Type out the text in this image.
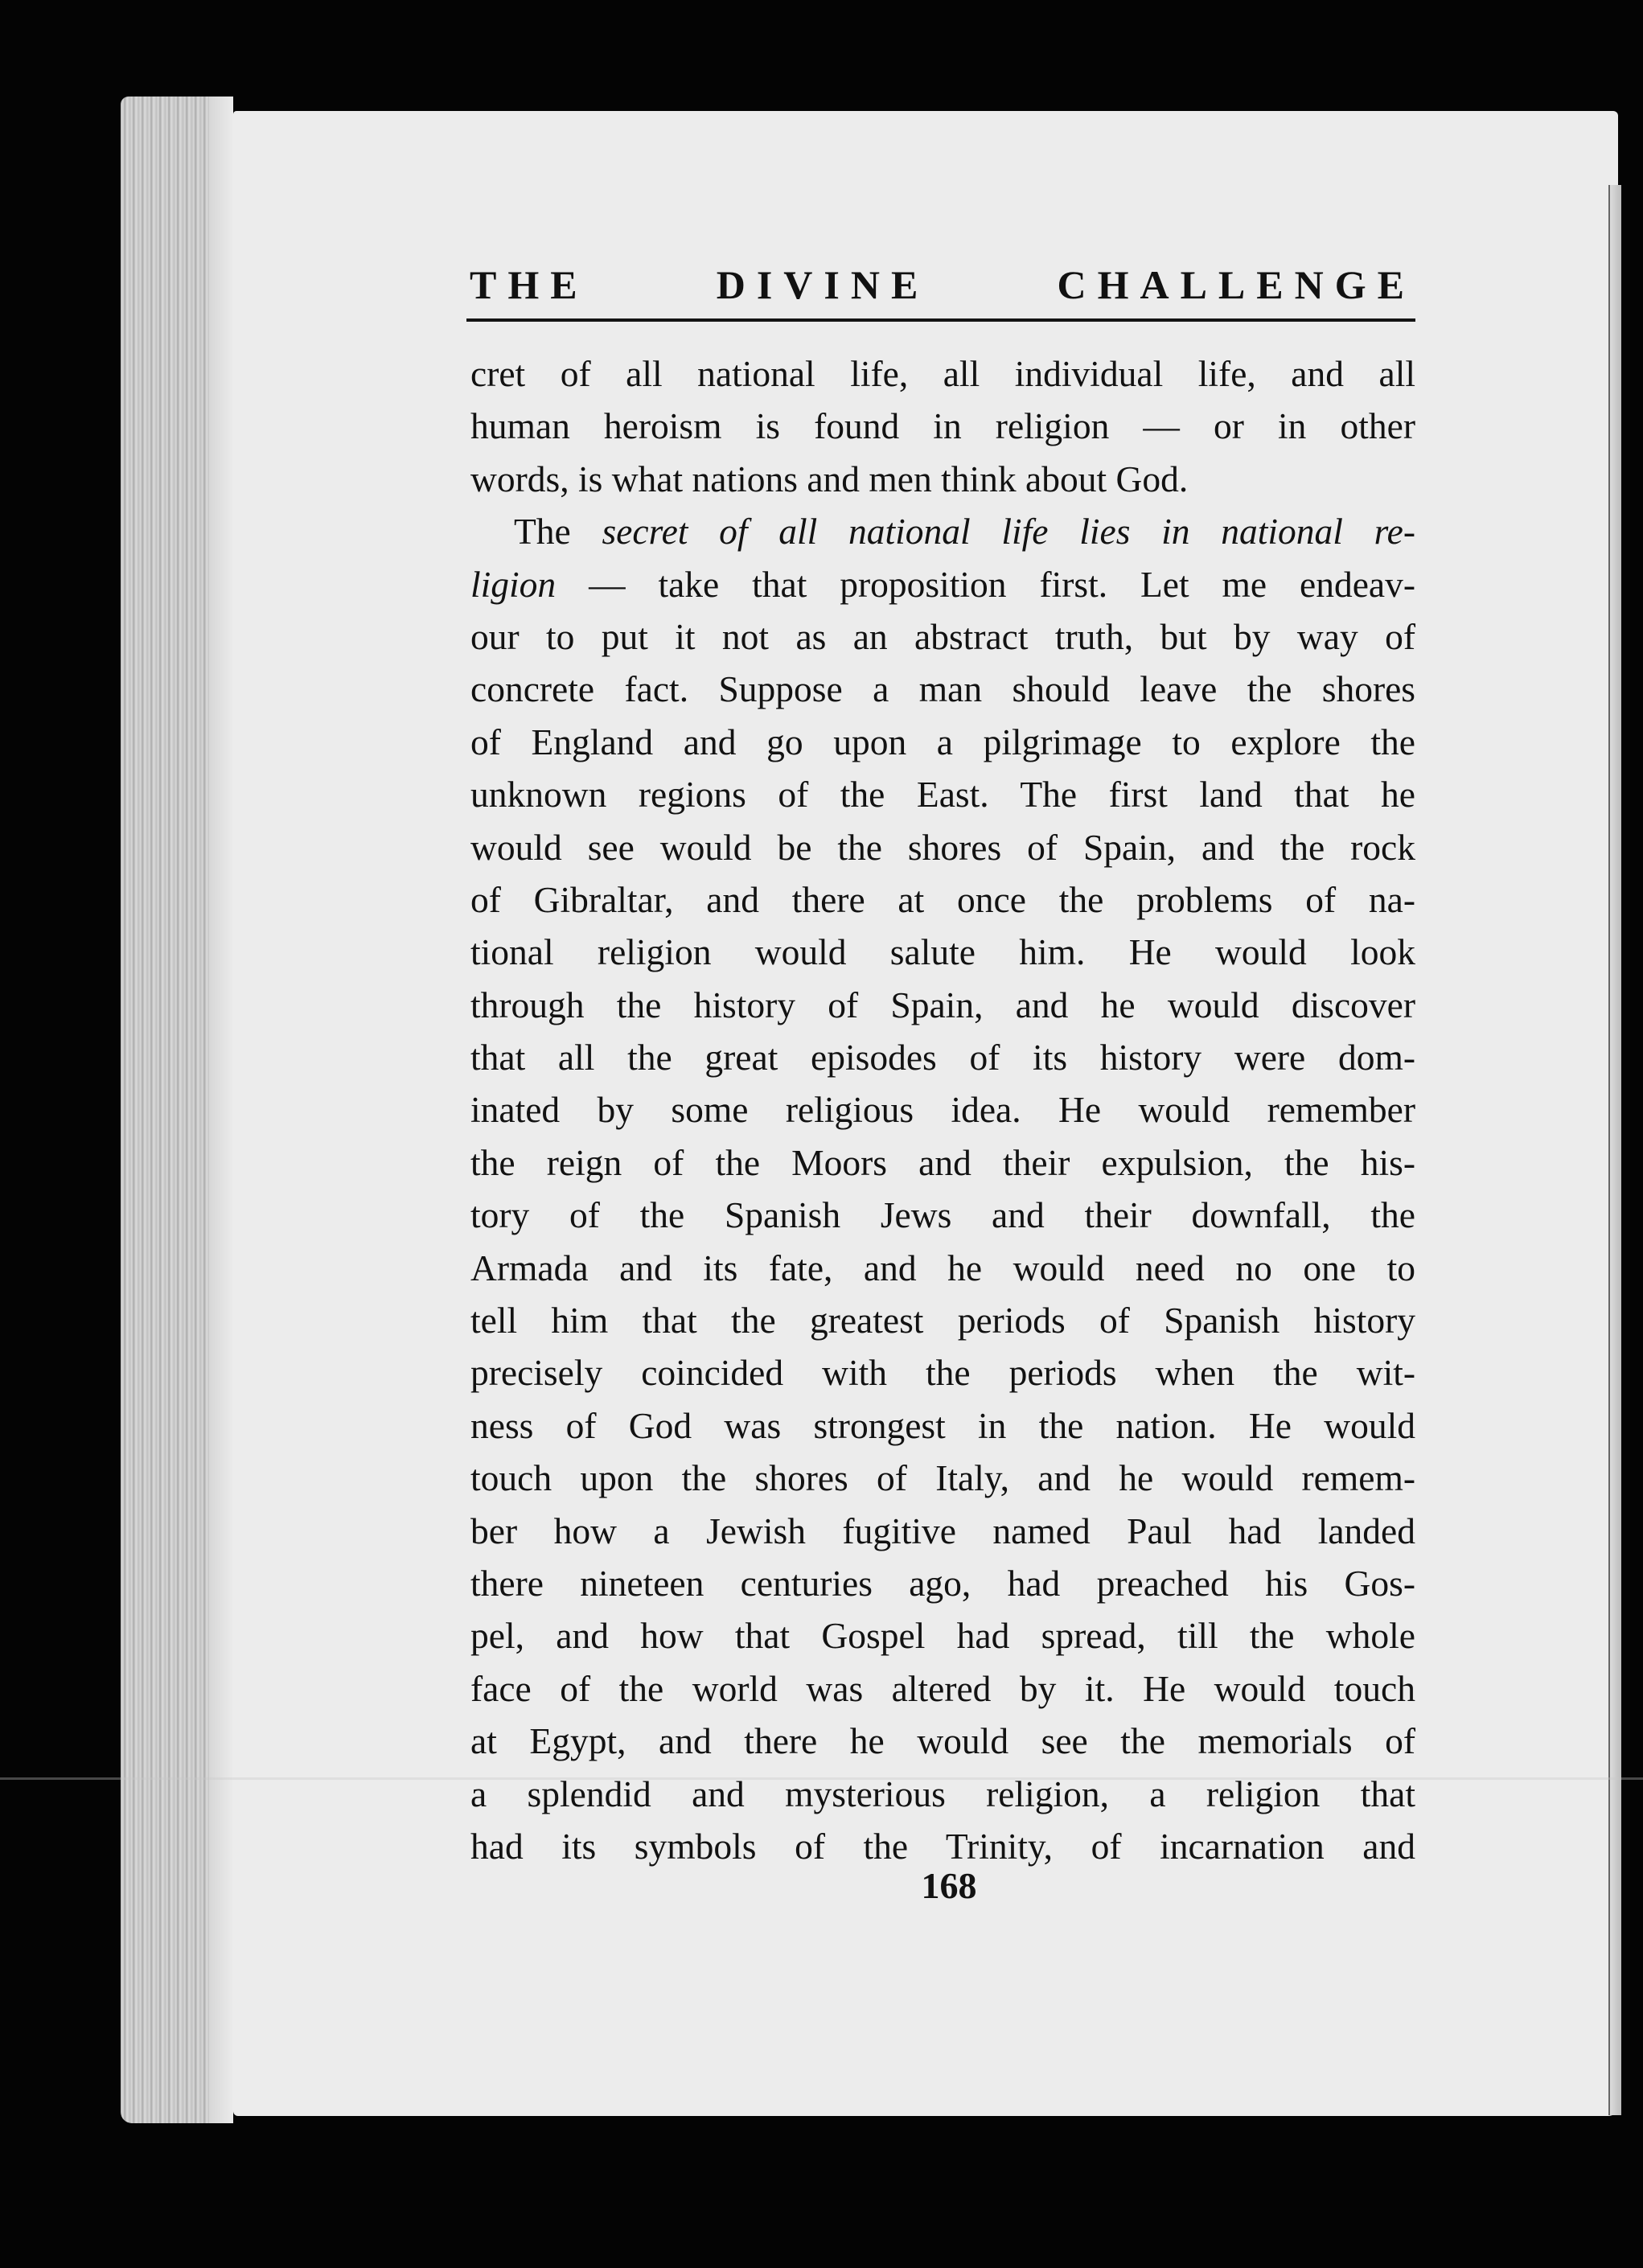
THE DIVINE CHALLENGE
cret of all national life, all individual life, and all
human heroism is found in religion — or in other
words, is what nations and men think about God.
The secret of all national life lies in national re-
ligion — take that proposition first. Let me endeav-
our to put it not as an abstract truth, but by way of
concrete fact. Suppose a man should leave the shores
of England and go upon a pilgrimage to explore the
unknown regions of the East. The first land that he
would see would be the shores of Spain, and the rock
of Gibraltar, and there at once the problems of na-
tional religion would salute him. He would look
through the history of Spain, and he would discover
that all the great episodes of its history were dom-
inated by some religious idea. He would remember
the reign of the Moors and their expulsion, the his-
tory of the Spanish Jews and their downfall, the
Armada and its fate, and he would need no one to
tell him that the greatest periods of Spanish history
precisely coincided with the periods when the wit-
ness of God was strongest in the nation. He would
touch upon the shores of Italy, and he would remem-
ber how a Jewish fugitive named Paul had landed
there nineteen centuries ago, had preached his Gos-
pel, and how that Gospel had spread, till the whole
face of the world was altered by it. He would touch
at Egypt, and there he would see the memorials of
a splendid and mysterious religion, a religion that
had its symbols of the Trinity, of incarnation and
168
